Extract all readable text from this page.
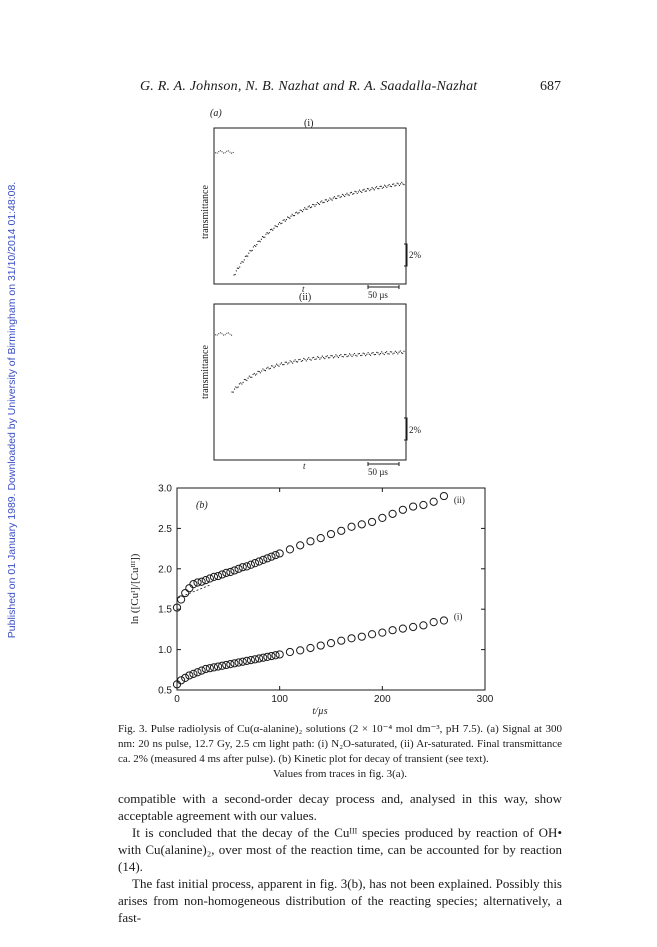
Published on 01 January 1989. Downloaded by University of Birmingham on 31/10/2014 01:48:08.
G. R. A. Johnson, N. B. Nazhat and R. A. Saadalla-Nazhat	687
(a)
(i)
transmittance
2%
t
50 µs
(ii)
transmittance
2%
t
50 µs
(b)
ln ([Cuᴵ]/[Cuᴵᴵᴵ])
t/µs
0	100	200	300
0.5
1.0
1.5
2.0
2.5
3.0
(ii)
(i)
Fig. 3. Pulse radiolysis of Cu(α-alanine)₂ solutions (2 × 10⁻⁴ mol dm⁻³, pH 7.5). (a) Signal at 300 nm: 20 ns pulse, 12.7 Gy, 2.5 cm light path: (i) N₂O-saturated, (ii) Ar-saturated. Final transmittance ca. 2% (measured 4 ms after pulse). (b) Kinetic plot for decay of transient (see text).
Values from traces in fig. 3(a).

compatible with a second-order decay process and, analysed in this way, show acceptable agreement with our values.

It is concluded that the decay of the Cuᴵᴵᴵ species produced by reaction of OH• with Cu(alanine)₂, over most of the reaction time, can be accounted for by reaction (14).

The fast initial process, apparent in fig. 3(b), has not been explained. Possibly this arises from non-homogeneous distribution of the reacting species; alternatively, a fast-
